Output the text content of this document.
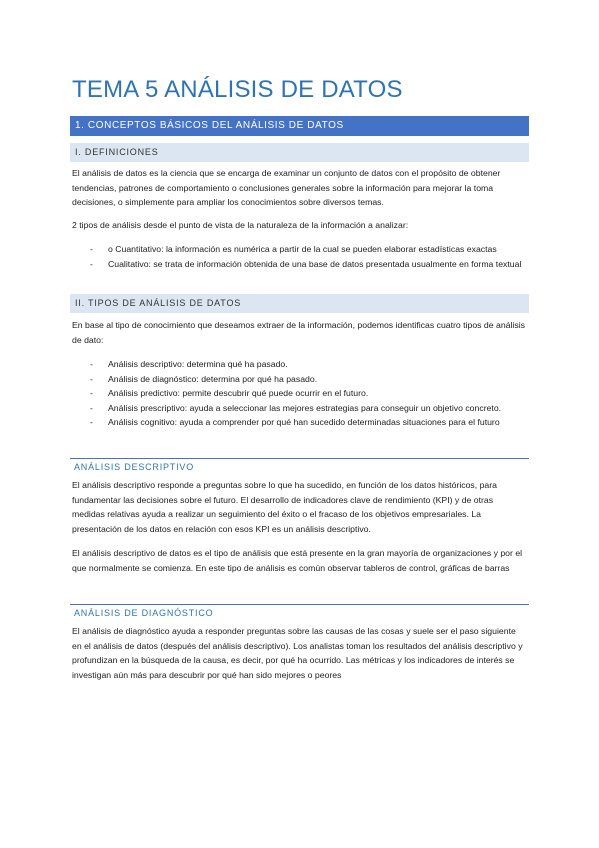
TEMA 5 ANÁLISIS DE DATOS
1. CONCEPTOS BÁSICOS DEL ANÁLISIS DE DATOS
I. DEFINICIONES

El análisis de datos es la ciencia que se encarga de examinar un conjunto de datos con el propósito de obtener tendencias, patrones de comportamiento o conclusiones generales sobre la información para mejorar la toma decisiones, o simplemente para ampliar los conocimientos sobre diversos temas.

2 tipos de análisis desde el punto de vista de la naturaleza de la información a analizar:

- o Cuantitativo: la información es numérica a partir de la cual se pueden elaborar estadísticas exactas
- Cualitativo: se trata de información obtenida de una base de datos presentada usualmente en forma textual
II. TIPOS DE ANÁLISIS DE DATOS

En base al tipo de conocimiento que deseamos extraer de la información, podemos identificas cuatro tipos de análisis de dato:

- Análisis descriptivo: determina qué ha pasado.
- Análisis de diagnóstico: determina por qué ha pasado.
- Análisis predictivo: permite descubrir qué puede ocurrir en el futuro.
- Análisis prescriptivo: ayuda a seleccionar las mejores estrategias para conseguir un objetivo concreto.
- Análisis cognitivo: ayuda a comprender por qué han sucedido determinadas situaciones para el futuro
ANÁLISIS DESCRIPTIVO

El análisis descriptivo responde a preguntas sobre lo que ha sucedido, en función de los datos históricos, para fundamentar las decisiones sobre el futuro. El desarrollo de indicadores clave de rendimiento (KPI) y de otras medidas relativas ayuda a realizar un seguimiento del éxito o el fracaso de los objetivos empresariales. La presentación de los datos en relación con esos KPI es un análisis descriptivo.

El análisis descriptivo de datos es el tipo de análisis que está presente en la gran mayoría de organizaciones y por el que normalmente se comienza. En este tipo de análisis es común observar tableros de control, gráficas de barras

ANÁLISIS DE DIAGNÓSTICO

El análisis de diagnóstico ayuda a responder preguntas sobre las causas de las cosas y suele ser el paso siguiente en el análisis de datos (después del análisis descriptivo). Los analistas toman los resultados del análisis descriptivo y profundizan en la búsqueda de la causa, es decir, por qué ha ocurrido. Las métricas y los indicadores de interés se investigan aún más para descubrir por qué han sido mejores o peores
